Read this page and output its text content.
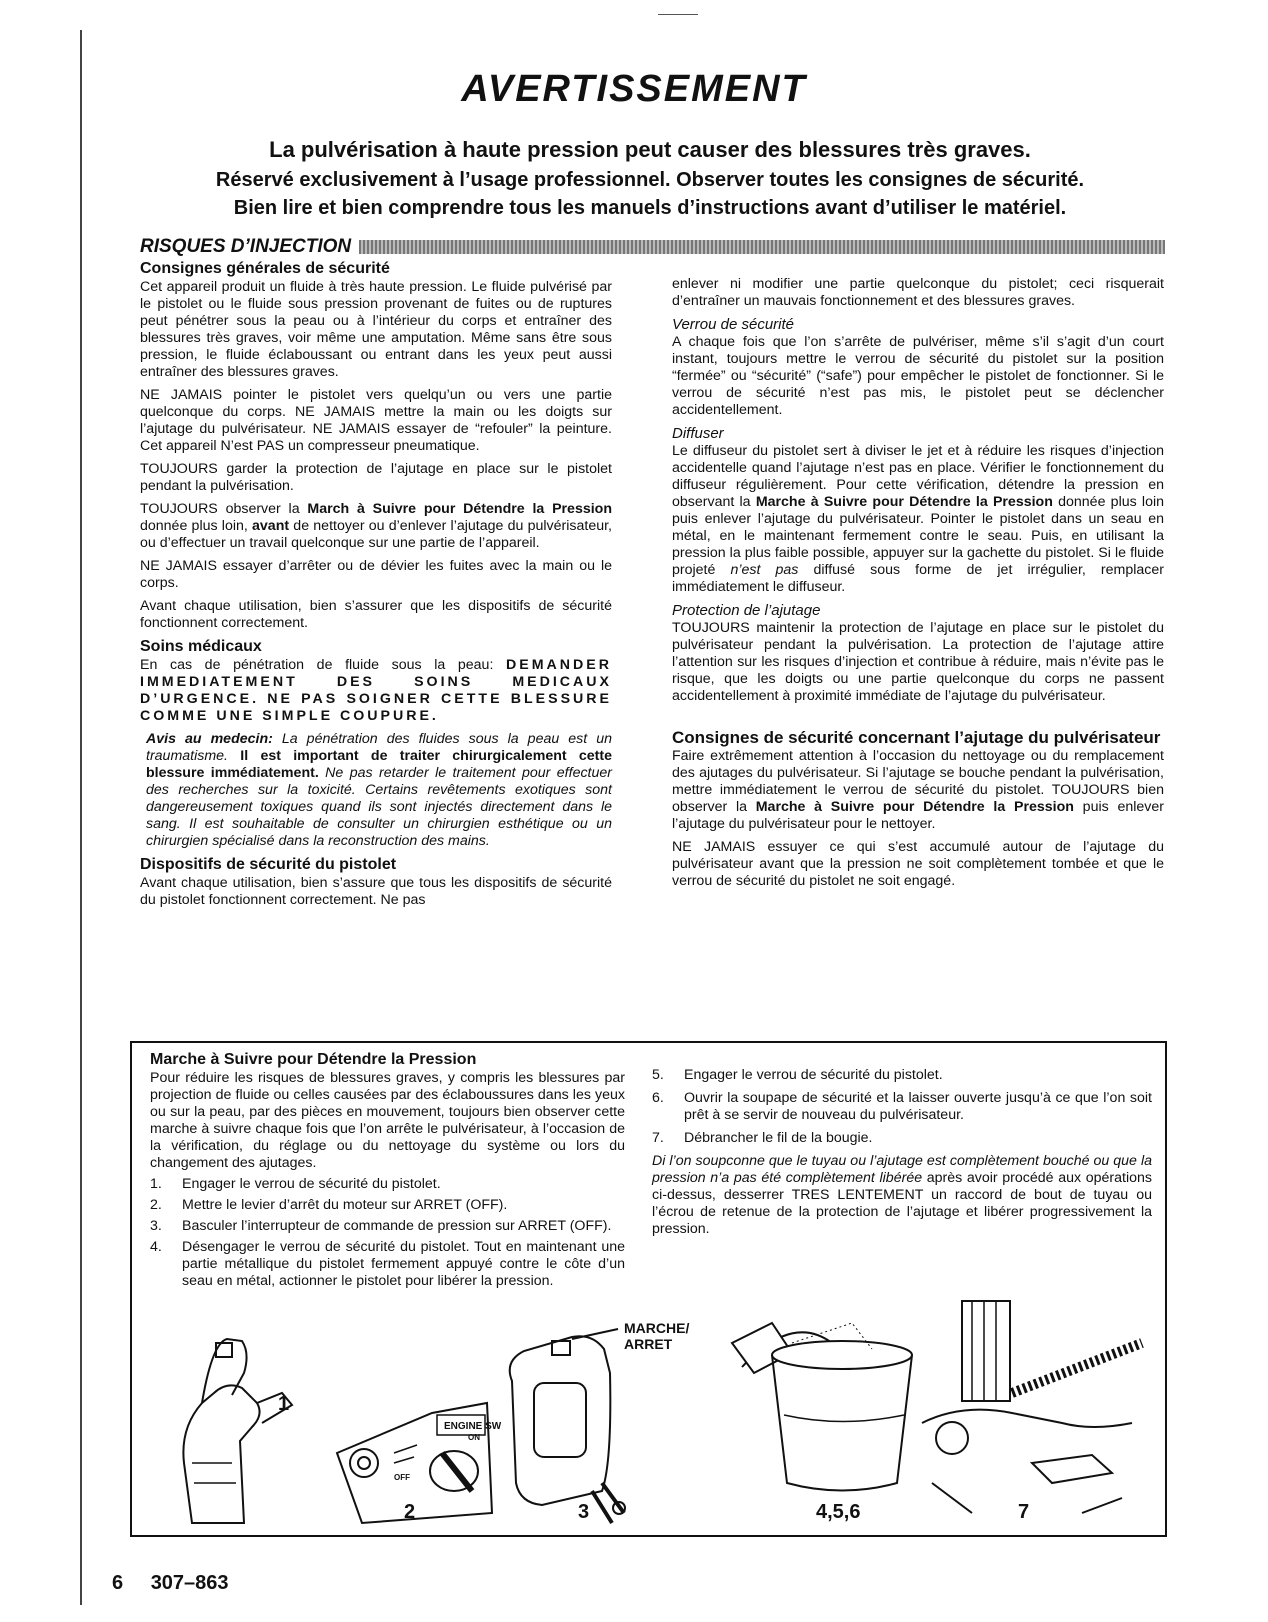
AVERTISSEMENT
La pulvérisation à haute pression peut causer des blessures très graves.
Réservé exclusivement à l’usage professionnel. Observer toutes les consignes de sécurité.
Bien lire et bien comprendre tous les manuels d’instructions avant d’utiliser le matériel.
RISQUES D’INJECTION
Consignes générales de sécurité

Cet appareil produit un fluide à très haute pression. Le fluide pulvérisé par le pistolet ou le fluide sous pression provenant de fuites ou de ruptures peut pénétrer sous la peau ou à l’intérieur du corps et entraîner des blessures très graves, voir même une amputation. Même sans être sous pression, le fluide éclaboussant ou entrant dans les yeux peut aussi entraîner des blessures graves.

NE JAMAIS pointer le pistolet vers quelqu’un ou vers une partie quelconque du corps. NE JAMAIS mettre la main ou les doigts sur l’ajutage du pulvérisateur. NE JAMAIS essayer de “refouler” la peinture. Cet appareil N’est PAS un compresseur pneumatique.

TOUJOURS garder la protection de l’ajutage en place sur le pistolet pendant la pulvérisation.

TOUJOURS observer la March à Suivre pour Détendre la Pression donnée plus loin, avant de nettoyer ou d’enlever l’ajutage du pulvérisateur, ou d’effectuer un travail quelconque sur une partie de l’appareil.

NE JAMAIS essayer d’arrêter ou de dévier les fuites avec la main ou le corps.

Avant chaque utilisation, bien s’assurer que les dispositifs de sécurité fonctionnent correctement.

Soins médicaux

En cas de pénétration de fluide sous la peau: DEMANDER IMMEDIATEMENT DES SOINS MEDICAUX D’URGENCE. NE PAS SOIGNER CETTE BLESSURE COMME UNE SIMPLE COUPURE.

Avis au medecin: La pénétration des fluides sous la peau est un traumatisme. Il est important de traiter chirurgicalement cette blessure immédiatement. Ne pas retarder le traitement pour effectuer des recherches sur la toxicité. Certains revêtements exotiques sont dangereusement toxiques quand ils sont injectés directement dans le sang. Il est souhaitable de consulter un chirurgien esthétique ou un chirurgien spécialisé dans la reconstruction des mains.

Dispositifs de sécurité du pistolet

Avant chaque utilisation, bien s’assure que tous les dispositifs de sécurité du pistolet fonctionnent correctement. Ne pas

enlever ni modifier une partie quelconque du pistolet; ceci risquerait d’entraîner un mauvais fonctionnement et des blessures graves.

Verrou de sécurité

A chaque fois que l’on s’arrête de pulvériser, même s’il s’agit d’un court instant, toujours mettre le verrou de sécurité du pistolet sur la position “fermée” ou “sécurité” (“safe”) pour empêcher le pistolet de fonctionner. Si le verrou de sécurité n’est pas mis, le pistolet peut se déclencher accidentellement.

Diffuser

Le diffuseur du pistolet sert à diviser le jet et à réduire les risques d’injection accidentelle quand l’ajutage n’est pas en place. Vérifier le fonctionnement du diffuseur régulièrement. Pour cette vérification, détendre la pression en observant la Marche à Suivre pour Détendre la Pression donnée plus loin puis enlever l’ajutage du pulvérisateur. Pointer le pistolet dans un seau en métal, en le maintenant fermement contre le seau. Puis, en utilisant la pression la plus faible possible, appuyer sur la gachette du pistolet. Si le fluide projeté n’est pas diffusé sous forme de jet irrégulier, remplacer immédiatement le diffuseur.

Protection de l’ajutage

TOUJOURS maintenir la protection de l’ajutage en place sur le pistolet du pulvérisateur pendant la pulvérisation. La protection de l’ajutage attire l’attention sur les risques d’injection et contribue à réduire, mais n’évite pas le risque, que les doigts ou une partie quelconque du corps ne passent accidentellement à proximité immédiate de l’ajutage du pulvérisateur.

Consignes de sécurité concernant l’ajutage du pulvérisateur

Faire extrêmement attention à l’occasion du nettoyage ou du remplacement des ajutages du pulvérisateur. Si l’ajutage se bouche pendant la pulvérisation, mettre immédiatement le verrou de sécurité du pistolet. TOUJOURS bien observer la Marche à Suivre pour Détendre la Pression puis enlever l’ajutage du pulvérisateur pour le nettoyer.

NE JAMAIS essuyer ce qui s’est accumulé autour de l’ajutage du pulvérisateur avant que la pression ne soit complètement tombée et que le verrou de sécurité du pistolet ne soit engagé.

Marche à Suivre pour Détendre la Pression

Pour réduire les risques de blessures graves, y compris les blessures par projection de fluide ou celles causées par des éclaboussures dans les yeux ou sur la peau, par des pièces en mouvement, toujours bien observer cette marche à suivre chaque fois que l’on arrête le pulvérisateur, à l’occasion de la vérification, du réglage ou du nettoyage du système ou lors du changement des ajutages.

1.	Engager le verrou de sécurité du pistolet.
2.	Mettre le levier d’arrêt du moteur sur ARRET (OFF).
3.	Basculer l’interrupteur de commande de pression sur ARRET (OFF).
4.	Désengager le verrou de sécurité du pistolet. Tout en maintenant une partie métallique du pistolet fermement appuyé contre le côte d’un seau en métal, actionner le pistolet pour libérer la pression.
5.	Engager le verrou de sécurité du pistolet.
6.	Ouvrir la soupape de sécurité et la laisser ouverte jusqu’à ce que l’on soit prêt à se servir de nouveau du pulvérisateur.
7.	Débrancher le fil de la bougie.

Di l’on soupconne que le tuyau ou l’ajutage est complètement bouché ou que la pression n’a pas été complètement libérée après avoir procédé aux opérations ci-dessus, desserrer TRES LENTEMENT un raccord de bout de tuyau ou l’écrou de retenue de la protection de l’ajutage et libérer progressivement la pression.

MARCHE/
ARRET
ENGINE SW
ON
OFF
1
2	3	4,5,6	7
6 307–863
